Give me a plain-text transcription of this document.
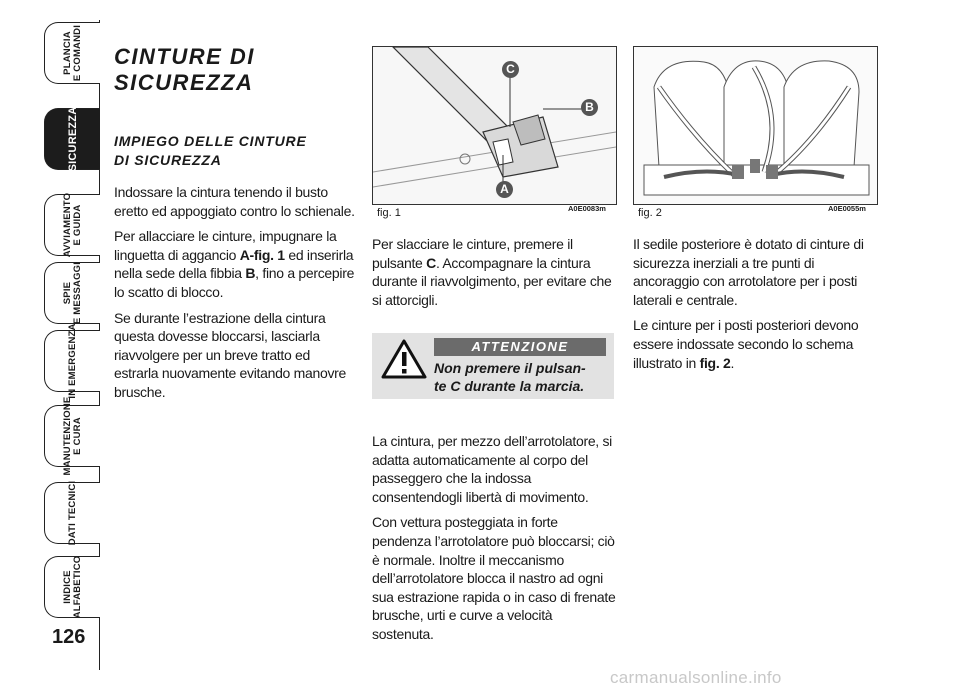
PLANCIA
E COMANDI
SICUREZZA
AVVIAMENTO
E GUIDA
SPIE
E MESSAGGI
IN EMERGENZA
MANUTENZIONE
E CURA
DATI TECNICI
INDICE
ALFABETICO
126
CINTURE DI
SICUREZZA
IMPIEGO DELLE CINTURE
DI SICUREZZA

Indossare la cintura tenendo il busto eretto ed appoggiato contro lo schienale.

Per allacciare le cinture, impugnare la linguetta di aggancio A-fig. 1 ed inserirla nella sede della fibbia B, fino a percepire lo scatto di blocco.

Se durante l’estrazione della cintura questa dovesse bloccarsi, lasciarla riavvolgere per un breve tratto ed estrarla nuovamente evitando manovre brusche.

C
B
A
fig. 1	A0E0083m	fig. 2	A0E0055m

Per slacciare le cinture, premere il pulsante C. Accompagnare la cintura durante il riavvolgimento, per evitare che si attorcigli.

ATTENZIONE
Non premere il pulsan-
te C durante la marcia.

La cintura, per mezzo dell’arrotolatore, si adatta automaticamente al corpo del passeggero che la indossa consentendogli libertà di movimento.

Con vettura posteggiata in forte pendenza l’arrotolatore può bloccarsi; ciò è normale. Inoltre il meccanismo dell’arrotolatore blocca il nastro ad ogni sua estrazione rapida o in caso di frenate brusche, urti e curve a velocità sostenuta.

Il sedile posteriore è dotato di cinture di sicurezza inerziali a tre punti di ancoraggio con arrotolatore per i posti laterali e centrale.

Le cinture per i posti posteriori devono essere indossate secondo lo schema illustrato in fig. 2.

carmanualsonline.info
